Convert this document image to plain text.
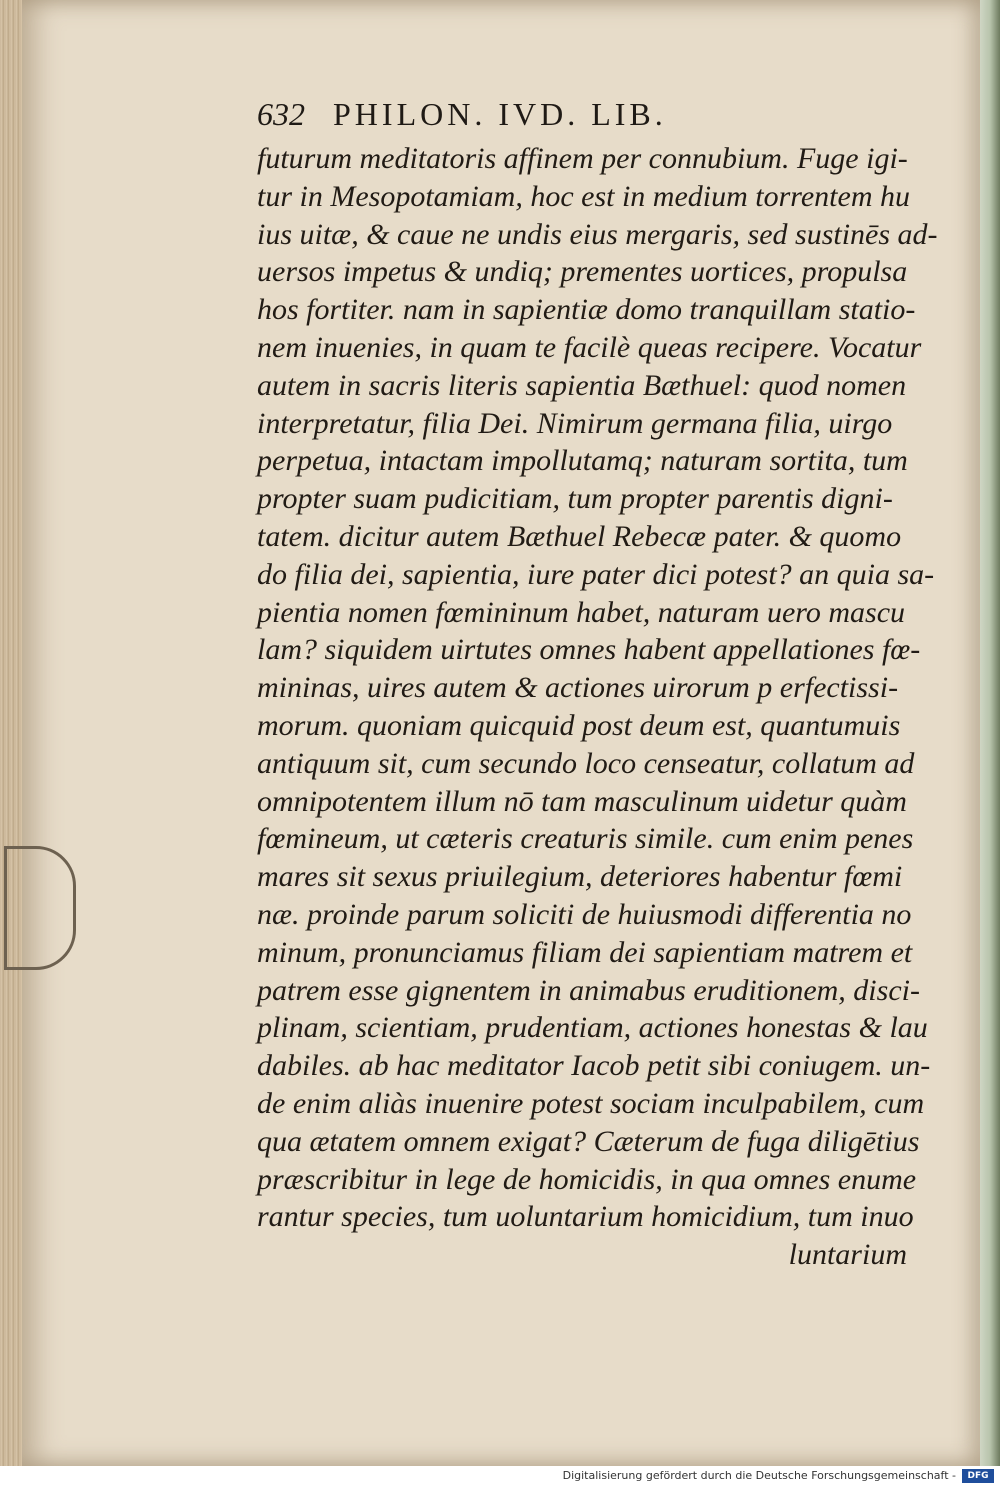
632 PHILON. IVD. LIB.
futurum meditatoris affinem per connubium. Fuge igi-
tur in Mesopotamiam, hoc est in medium torrentem hu
ius uitæ, & caue ne undis eius mergaris, sed sustinēs ad-
uersos impetus & undiq; prementes uortices, propulsa
hos fortiter. nam in sapientiæ domo tranquillam statio-
nem inuenies, in quam te facilè queas recipere. Vocatur
autem in sacris literis sapientia Bæthuel: quod nomen
interpretatur, filia Dei. Nimirum germana filia, uirgo
perpetua, intactam impollutamq; naturam sortita, tum
propter suam pudicitiam, tum propter parentis digni-
tatem. dicitur autem Bæthuel Rebecæ pater. & quomo
do filia dei, sapientia, iure pater dici potest? an quia sa-
pientia nomen fœmininum habet, naturam uero mascu
lam? siquidem uirtutes omnes habent appellationes fœ-
mininas, uires autem & actiones uirorum p erfectissi-
morum. quoniam quicquid post deum est, quantumuis
antiquum sit, cum secundo loco censeatur, collatum ad
omnipotentem illum nō tam masculinum uidetur quàm
fœmineum, ut cæteris creaturis simile. cum enim penes
mares sit sexus priuilegium, deteriores habentur fœmi
næ. proinde parum soliciti de huiusmodi differentia no
minum, pronunciamus filiam dei sapientiam matrem et
patrem esse gignentem in animabus eruditionem, disci-
plinam, scientiam, prudentiam, actiones honestas & lau
dabiles. ab hac meditator Iacob petit sibi coniugem. un-
de enim aliàs inuenire potest sociam inculpabilem, cum
qua ætatem omnem exigat? Cæterum de fuga diligētius
præscribitur in lege de homicidis, in qua omnes enume
rantur species, tum uoluntarium homicidium, tum inuo
luntarium
Digitalisierung gefördert durch die Deutsche Forschungsgemeinschaft -	DFG
